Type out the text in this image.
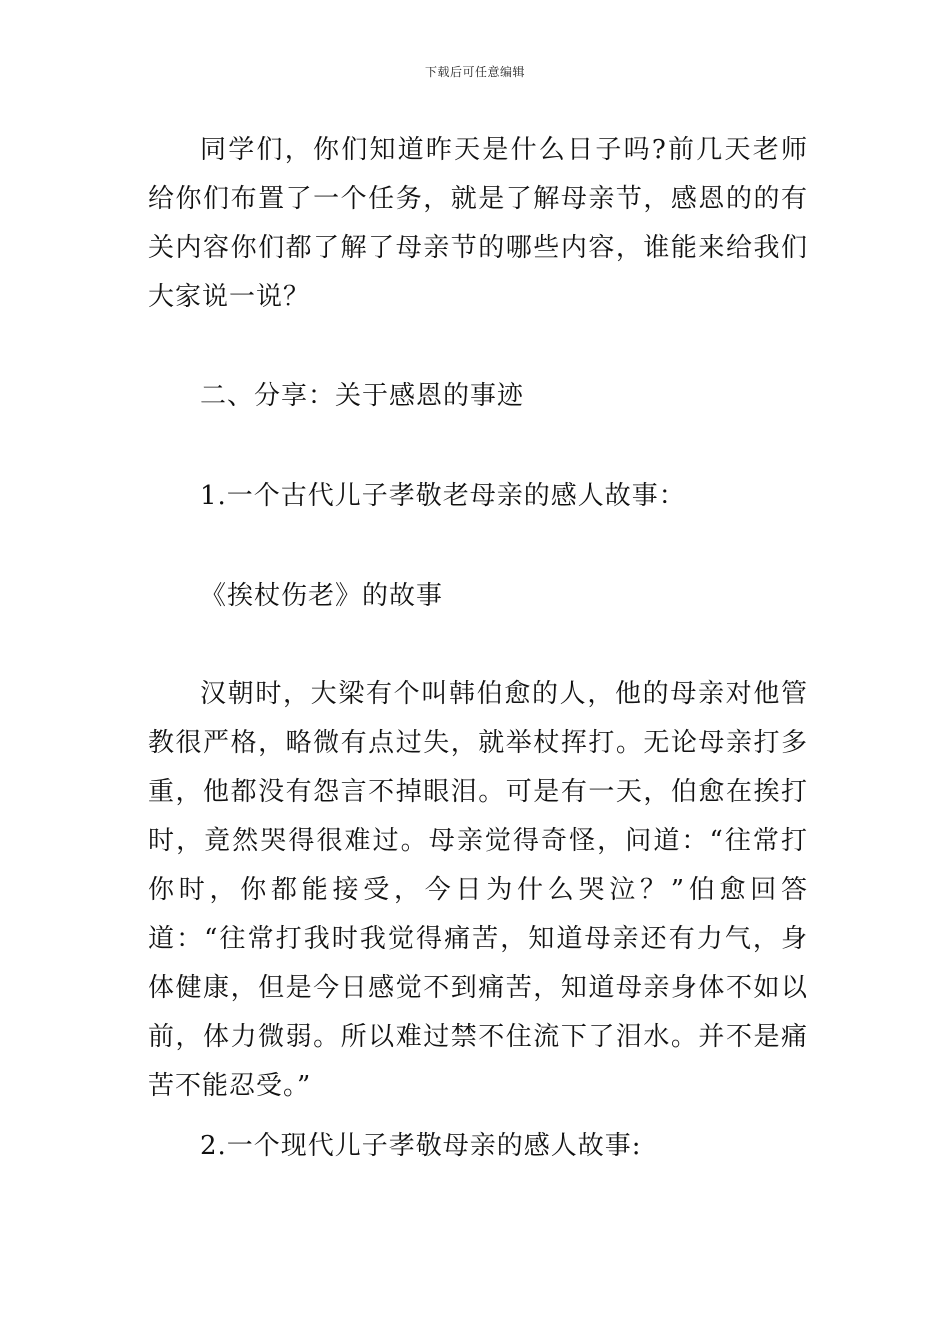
下载后可任意编辑

同学们，你们知道昨天是什么日子吗?前几天老师给你们布置了一个任务，就是了解母亲节，感恩的的有关内容你们都了解了母亲节的哪些内容，谁能来给我们大家说一说？

二、分享：关于感恩的事迹

1.一个古代儿子孝敬老母亲的感人故事：

《挨杖伤老》的故事

汉朝时，大梁有个叫韩伯愈的人，他的母亲对他管教很严格，略微有点过失，就举杖挥打。无论母亲打多重，他都没有怨言不掉眼泪。可是有一天，伯愈在挨打时，竟然哭得很难过。母亲觉得奇怪，问道：“往常打你时，你都能接受，今日为什么哭泣？”伯愈回答道：“往常打我时我觉得痛苦，知道母亲还有力气，身体健康，但是今日感觉不到痛苦，知道母亲身体不如以前，体力微弱。所以难过禁不住流下了泪水。并不是痛苦不能忍受。”

2.一个现代儿子孝敬母亲的感人故事:
